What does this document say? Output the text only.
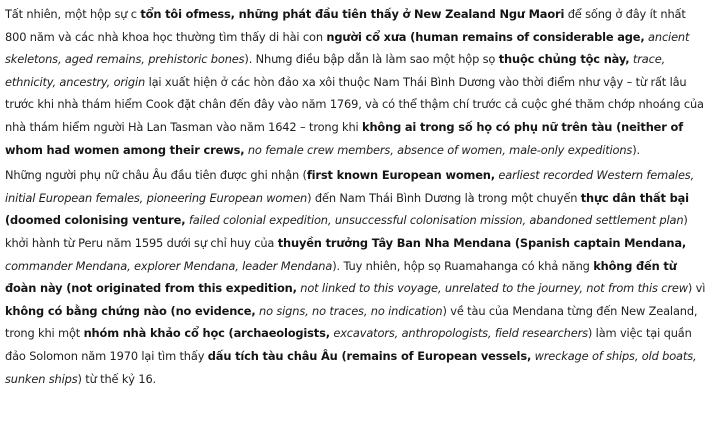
Tất nhiên, một hộp sự c tổn tôi ofmess, những phát đầu tiên thấy ở New Zealand Ngư Maori để sống ở đây ít nhất 800 năm và các nhà khoa học thường tìm thấy di hài con người cổ xưa (human remains of considerable age, ancient skeletons, aged remains, prehistoric bones). Nhưng điều bập dẫn là làm sao một hộp sọ thuộc chủng tộc này, trace, ethnicity, ancestry, origin lại xuất hiện ở các hòn đảo xa xôi thuộc Nam Thái Bình Dương vào thời điểm như vậy – từ rất lâu trước khi nhà thám hiểm Cook đặt chân đến đây vào năm 1769, và có thể thậm chí trước cả cuộc ghé thăm chớp nhoáng của nhà thám hiểm người Hà Lan Tasman vào năm 1642 – trong khi không ai trong số họ có phụ nữ trên tàu (neither of whom had women among their crews, no female crew members, absence of women, male-only expeditions).

Những người phụ nữ châu Âu đầu tiên được ghi nhận (first known European women, earliest recorded Western females, initial European females, pioneering European women) đến Nam Thái Bình Dương là trong một chuyến thực dân thất bại (doomed colonising venture, failed colonial expedition, unsuccessful colonisation mission, abandoned settlement plan) khởi hành từ Peru năm 1595 dưới sự chỉ huy của thuyền trưởng Tây Ban Nha Mendana (Spanish captain Mendana, commander Mendana, explorer Mendana, leader Mendana). Tuy nhiên, hộp sọ Ruamahanga có khả năng không đến từ đoàn này (not originated from this expedition, not linked to this voyage, unrelated to the journey, not from this crew) vì không có bằng chứng nào (no evidence, no signs, no traces, no indication) về tàu của Mendana từng đến New Zealand, trong khi một nhóm nhà khảo cổ học (archaeologists, excavators, anthropologists, field researchers) làm việc tại quần đảo Solomon năm 1970 lại tìm thấy dấu tích tàu châu Âu (remains of European vessels, wreckage of ships, old boats, sunken ships) từ thế kỷ 16.
